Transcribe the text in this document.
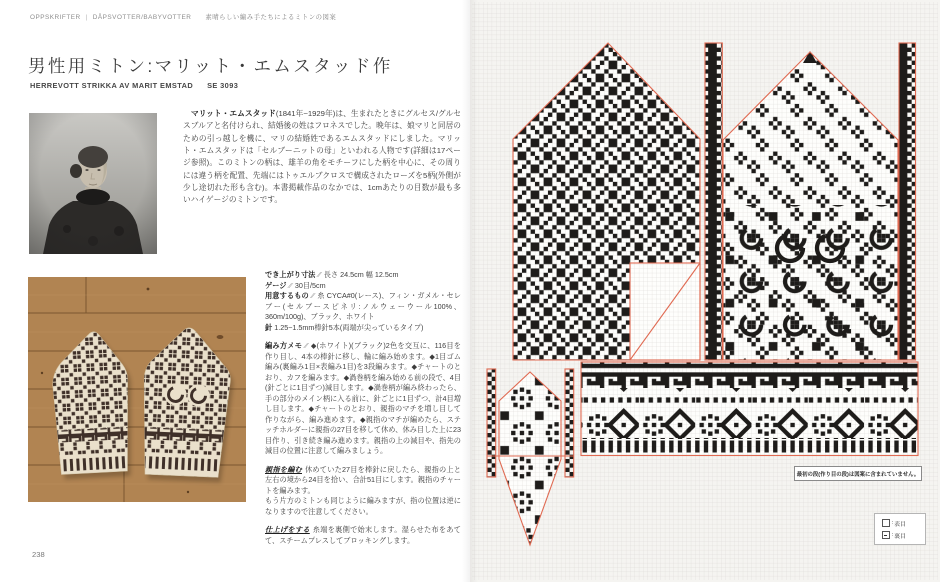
OPPSKRIFTER | DÅPSVOTTER/BABYVOTTER 素晴らしい編み手たちによるミトンの図案
男性用ミトン:マリット・エムスタッド作
HERREVOTT STRIKKA AV MARIT EMSTAD SE 3093
マリット・エムスタッド(1841年~1929年)は、生まれたときにグルセス/グルセスブルアと名付けられ、結婚後の姓はフロネスでした。晩年は、娘マリと同居のための引っ越しを機に、マリの結婚姓であるエムスタッドにしました。マリット・エムスタッドは「セルブーニットの母」といわれる人物です(詳細は17ページ参照)。このミトンの柄は、雄羊の角をモチーフにした柄を中心に、その周りには違う柄を配置、先端にはトゥエルブクロスで構成されたローズを5柄(外側が少し途切れた形も含む)。本書掲載作品のなかでは、1cmあたりの目数が最も多いハイゲージのミトンです。

でき上がり寸法 ⁄⁄ 長さ 24.5cm 幅 12.5cm
ゲージ ⁄⁄ 30目/5cm
用意するもの ⁄⁄ 糸 CYCA#0(レース)、フィン・ガメル・セレブー(セルブースピネリ:ノルウェーウール100%、360m/100g)、ブラック、ホワイト
針 1.25~1.5mm棒針5本(両端が尖っているタイプ)

編み方メモ ⁄⁄ ◆(ホワイト)(ブラック)2色を交互に、116目を作り目し、4本の棒針に移し、輪に編み始めます。◆1目ゴム編み(裏編み1目×表編み1目)を3段編みます。◆チャートのとおり、カフを編みます。◆渦巻柄を編み始める前の段で、4目(針ごとに1目ずつ)減目します。◆渦巻柄が編み終わったら、手の部分のメイン柄に入る前に、針ごとに1目ずつ、計4目増し目します。◆チャートのとおり、親指のマチを増し目して作りながら、編み進めます。◆親指のマチが編めたら、ステッチホルダーに親指の27目を移して休め、休み目した上に23目作り、引き続き編み進めます。親指の上の減目や、指先の減目の位置に注意して編みましょう。

親指を編む 休めていた27目を棒針に戻したら、親指の上と左右の境から24目を拾い、合計51目にします。親指のチャートを編みます。
もう片方のミトンも同じように編みますが、指の位置は逆になりますので注意してください。

仕上げをする 糸端を裏側で始末します。湿らせた布をあてて、スチームプレスしてブロッキングします。

238
最初の段(作り目の段)は図案に含まれていません。
: 表目
: 裏目
